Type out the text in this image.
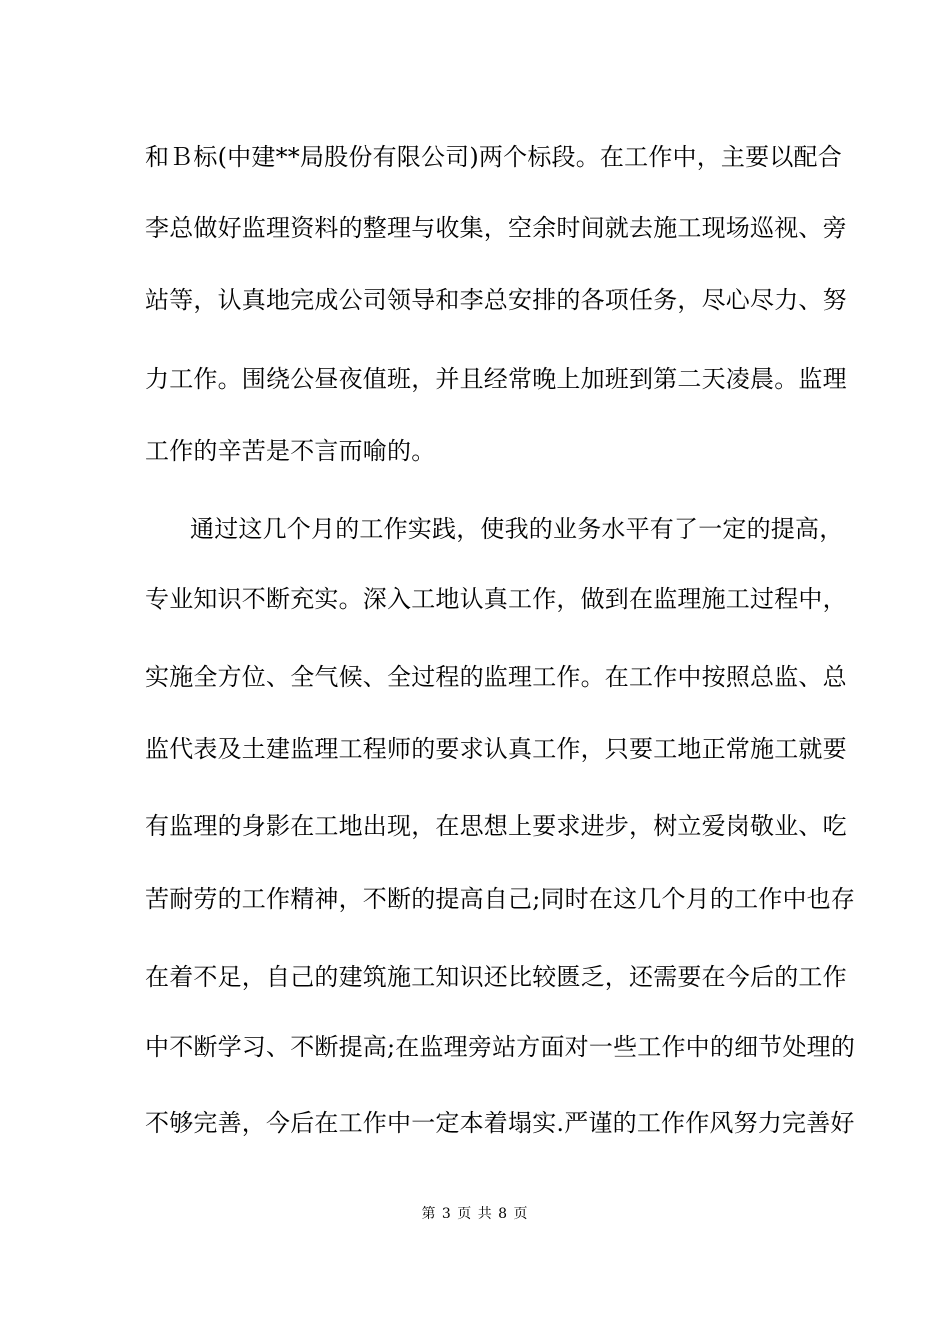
和Ｂ标(中建**局股份有限公司)两个标段。在工作中，主要以配合
李总做好监理资料的整理与收集，空余时间就去施工现场巡视、旁
站等，认真地完成公司领导和李总安排的各项任务，尽心尽力、努
力工作。围绕公昼夜值班，并且经常晚上加班到第二天凌晨。监理
工作的辛苦是不言而喻的。
通过这几个月的工作实践，使我的业务水平有了一定的提高，
专业知识不断充实。深入工地认真工作，做到在监理施工过程中，
实施全方位、全气候、全过程的监理工作。在工作中按照总监、总
监代表及土建监理工程师的要求认真工作，只要工地正常施工就要
有监理的身影在工地出现，在思想上要求进步，树立爱岗敬业、吃
苦耐劳的工作精神，不断的提高自己;同时在这几个月的工作中也存
在着不足，自己的建筑施工知识还比较匮乏，还需要在今后的工作
中不断学习、不断提高;在监理旁站方面对一些工作中的细节处理的
不够完善，今后在工作中一定本着塌实.严谨的工作作风努力完善好
第 3 页 共 8 页
